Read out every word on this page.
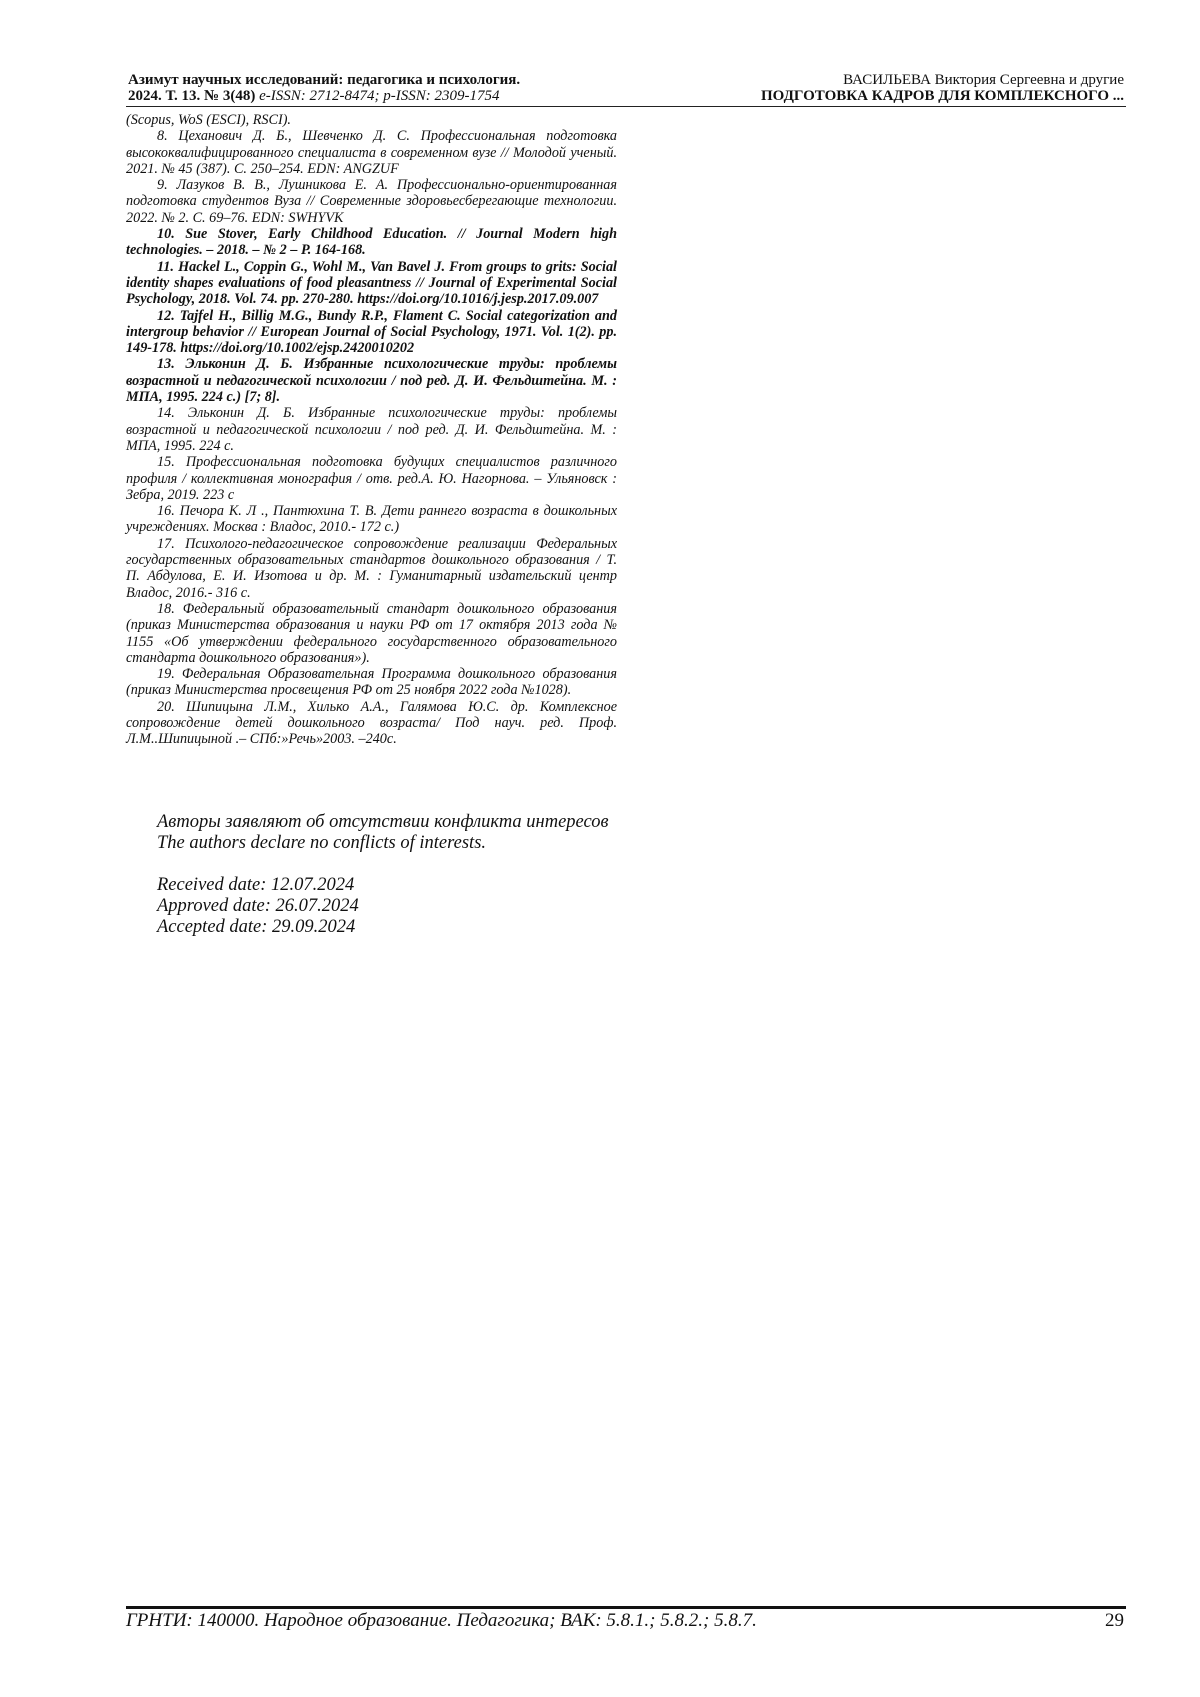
Азимут научных исследований: педагогика и психология.
2024. Т. 13. № 3(48) e-ISSN: 2712-8474; p-ISSN: 2309-1754
ВАСИЛЬЕВА Виктория Сергеевна и другие
ПОДГОТОВКА КАДРОВ ДЛЯ КОМПЛЕКСНОГО ...

(Scopus, WoS (ESCI), RSCI).

8. Цеханович Д. Б., Шевченко Д. С. Профессиональная подготовка высококвалифицированного специалиста в современном вузе // Молодой ученый. 2021. № 45 (387). С. 250–254. EDN: ANGZUF

9. Лазуков В. В., Лушникова Е. А. Профессионально-ориентированная подготовка студентов Вуза // Современные здоровьесберегающие технологии. 2022. № 2. С. 69–76. EDN: SWHYVK

10. Sue Stover, Early Childhood Education. // Journal Modern high technologies. – 2018. – № 2 – P. 164-168.

11. Hackel L., Coppin G., Wohl M., Van Bavel J. From groups to grits: Social identity shapes evaluations of food pleasantness // Journal of Experimental Social Psychology, 2018. Vol. 74. pp. 270-280. https://doi.org/10.1016/j.jesp.2017.09.007

12. Tajfel H., Billig M.G., Bundy R.P., Flament C. Social categorization and intergroup behavior // European Journal of Social Psychology, 1971. Vol. 1(2). pp. 149-178. https://doi.org/10.1002/ejsp.2420010202

13. Эльконин Д. Б. Избранные психологические труды: проблемы возрастной и педагогической психологии / под ред. Д. И. Фельдштейна. М. : МПА, 1995. 224 с.) [7; 8].

14. Эльконин Д. Б. Избранные психологические труды: проблемы возрастной и педагогической психологии / под ред. Д. И. Фельдштейна. М. : МПА, 1995. 224 с.

15. Профессиональная подготовка будущих специалистов различного профиля / коллективная монография / отв. ред.А. Ю. Нагорнова. – Ульяновск : Зебра, 2019. 223 с

16. Печора К. Л ., Пантюхина Т. В. Дети раннего возраста в дошкольных учреждениях. Москва : Владос, 2010.- 172 с.)

17. Психолого-педагогическое сопровождение реализации Федеральных государственных образовательных стандартов дошкольного образования / Т. П. Абдулова, Е. И. Изотова и др. М. : Гуманитарный издательский центр Владос, 2016.- 316 с.

18. Федеральный образовательный стандарт дошкольного образования (приказ Министерства образования и науки РФ от 17 октября 2013 года № 1155 «Об утверждении федерального государственного образовательного стандарта дошкольного образования»).

19. Федеральная Образовательная Программа дошкольного образования (приказ Министерства просвещения РФ от 25 ноября 2022 года №1028).

20. Шипицына Л.М., Хилько А.А., Галямова Ю.С. др. Комплексное сопровождение детей дошкольного возраста/ Под науч. ред. Проф. Л.М..Шипицыной .– СПб:»Речь»2003. –240с.

Авторы заявляют об отсутствии конфликта интересов

The authors declare no conflicts of interests.

Received date: 12.07.2024

Approved date: 26.07.2024

Accepted date: 29.09.2024

ГРНТИ: 140000. Народное образование. Педагогика; ВАК: 5.8.1.; 5.8.2.; 5.8.7.	29
